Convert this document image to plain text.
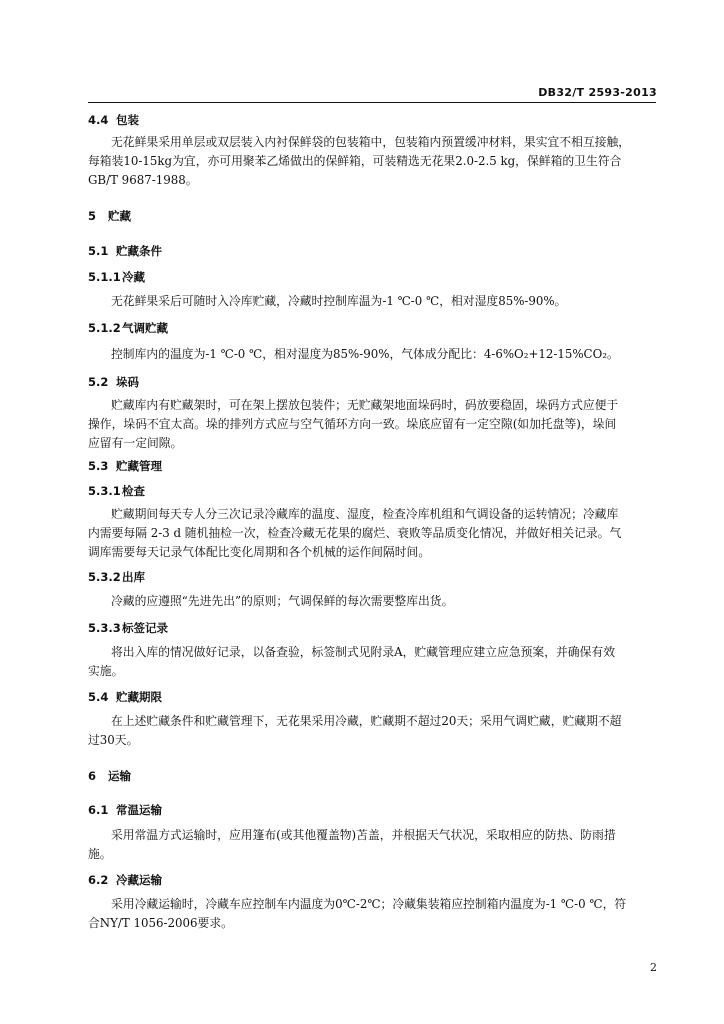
DB32/T 2593-2013
4.4 包装
无花鲜果采用单层或双层装入内衬保鲜袋的包装箱中，包装箱内预置缓冲材料，果实宜不相互接触，
每箱装10-15kg为宜，亦可用聚苯乙烯做出的保鲜箱，可装精选无花果2.0-2.5 kg，保鲜箱的卫生符合
GB/T 9687-1988。
5 贮藏
5.1 贮藏条件
5.1.1冷藏
无花鲜果采后可随时入冷库贮藏，冷藏时控制库温为-1 ℃-0 ℃，相对湿度85%-90%。
5.1.2气调贮藏
控制库内的温度为-1 ℃-0 ℃，相对湿度为85%-90%，气体成分配比：4-6%O₂+12-15%CO₂。
5.2 垛码
贮藏库内有贮藏架时，可在架上摆放包装件；无贮藏架地面垛码时，码放要稳固，垛码方式应便于
操作，垛码不宜太高。垛的排列方式应与空气循环方向一致。垛底应留有一定空隙(如加托盘等)，垛间
应留有一定间隙。
5.3 贮藏管理
5.3.1检查
贮藏期间每天专人分三次记录冷藏库的温度、湿度，检查冷库机组和气调设备的运转情况；冷藏库
内需要每隔 2-3 d 随机抽检一次，检查冷藏无花果的腐烂、衰败等品质变化情况，并做好相关记录。气
调库需要每天记录气体配比变化周期和各个机械的运作间隔时间。
5.3.2出库
冷藏的应遵照“先进先出”的原则；气调保鲜的每次需要整库出货。
5.3.3标签记录
将出入库的情况做好记录，以备查验，标签制式见附录A，贮藏管理应建立应急预案，并确保有效
实施。
5.4 贮藏期限
在上述贮藏条件和贮藏管理下，无花果采用冷藏，贮藏期不超过20天；采用气调贮藏，贮藏期不超
过30天。
6 运输
6.1 常温运输
采用常温方式运输时，应用篷布(或其他覆盖物)苫盖，并根据天气状况，采取相应的防热、防雨措
施。
6.2 冷藏运输
采用冷藏运输时，冷藏车应控制车内温度为0℃-2℃；冷藏集装箱应控制箱内温度为-1 ℃-0 ℃，符
合NY/T 1056-2006要求。
2
